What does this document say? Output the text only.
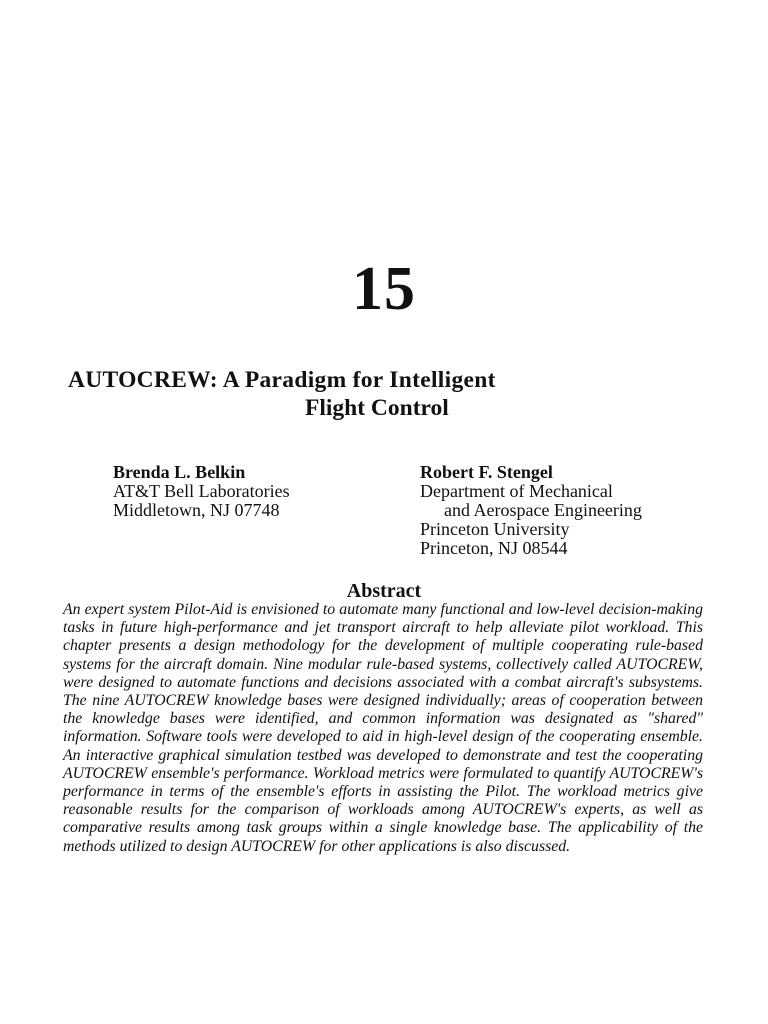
15
AUTOCREW: A Paradigm for Intelligent
Flight Control
Brenda L. Belkin
AT&T Bell Laboratories
Middletown, NJ 07748
Robert F. Stengel
Department of Mechanical
and Aerospace Engineering
Princeton University
Princeton, NJ 08544
Abstract
An expert system Pilot-Aid is envisioned to automate many functional and low-level decision-making tasks in future high-performance and jet transport aircraft to help alleviate pilot workload. This chapter presents a design methodology for the development of multiple cooperating rule-based systems for the aircraft domain. Nine modular rule-based systems, collectively called AUTOCREW, were designed to automate functions and decisions associated with a combat aircraft's subsystems. The nine AUTOCREW knowledge bases were designed individually; areas of cooperation between the knowledge bases were identified, and common information was designated as "shared" information. Software tools were developed to aid in high-level design of the cooperating ensemble. An interactive graphical simulation testbed was developed to demonstrate and test the cooperating AUTOCREW ensemble's performance. Workload metrics were formulated to quantify AUTOCREW's performance in terms of the ensemble's efforts in assisting the Pilot. The workload metrics give reasonable results for the comparison of workloads among AUTOCREW's experts, as well as comparative results among task groups within a single knowledge base. The applicability of the methods utilized to design AUTOCREW for other applications is also discussed.
